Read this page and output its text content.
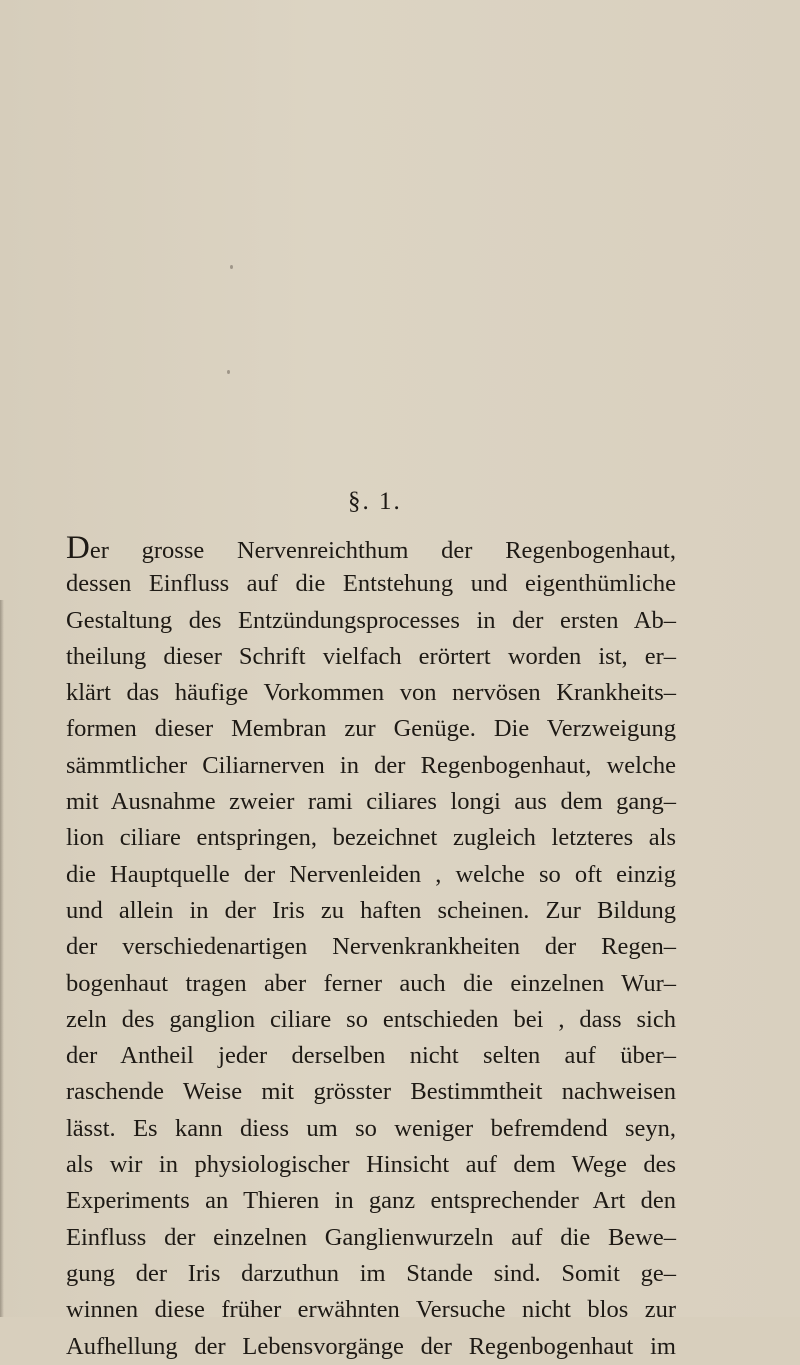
§. 1.
Der grosse Nervenreichthum der Regenbogenhaut,
dessen Einfluss auf die Entstehung und eigenthümliche
Gestaltung des Entzündungsprocesses in der ersten Ab–
theilung dieser Schrift vielfach erörtert worden ist, er–
klärt das häufige Vorkommen von nervösen Krankheits–
formen dieser Membran zur Genüge. Die Verzweigung
sämmtlicher Ciliarnerven in der Regenbogenhaut, welche
mit Ausnahme zweier rami ciliares longi aus dem gang–
lion ciliare entspringen, bezeichnet zugleich letzteres als
die Hauptquelle der Nervenleiden , welche so oft einzig
und allein in der Iris zu haften scheinen. Zur Bildung
der verschiedenartigen Nervenkrankheiten der Regen–
bogenhaut tragen aber ferner auch die einzelnen Wur–
zeln des ganglion ciliare so entschieden bei , dass sich
der Antheil jeder derselben nicht selten auf über–
raschende Weise mit grösster Bestimmtheit nachweisen
lässt. Es kann diess um so weniger befremdend seyn,
als wir in physiologischer Hinsicht auf dem Wege des
Experiments an Thieren in ganz entsprechender Art den
Einfluss der einzelnen Ganglienwurzeln auf die Bewe–
gung der Iris darzuthun im Stande sind. Somit ge–
winnen diese früher erwähnten Versuche nicht blos zur
Aufhellung der Lebensvorgänge der Regenbogenhaut im
